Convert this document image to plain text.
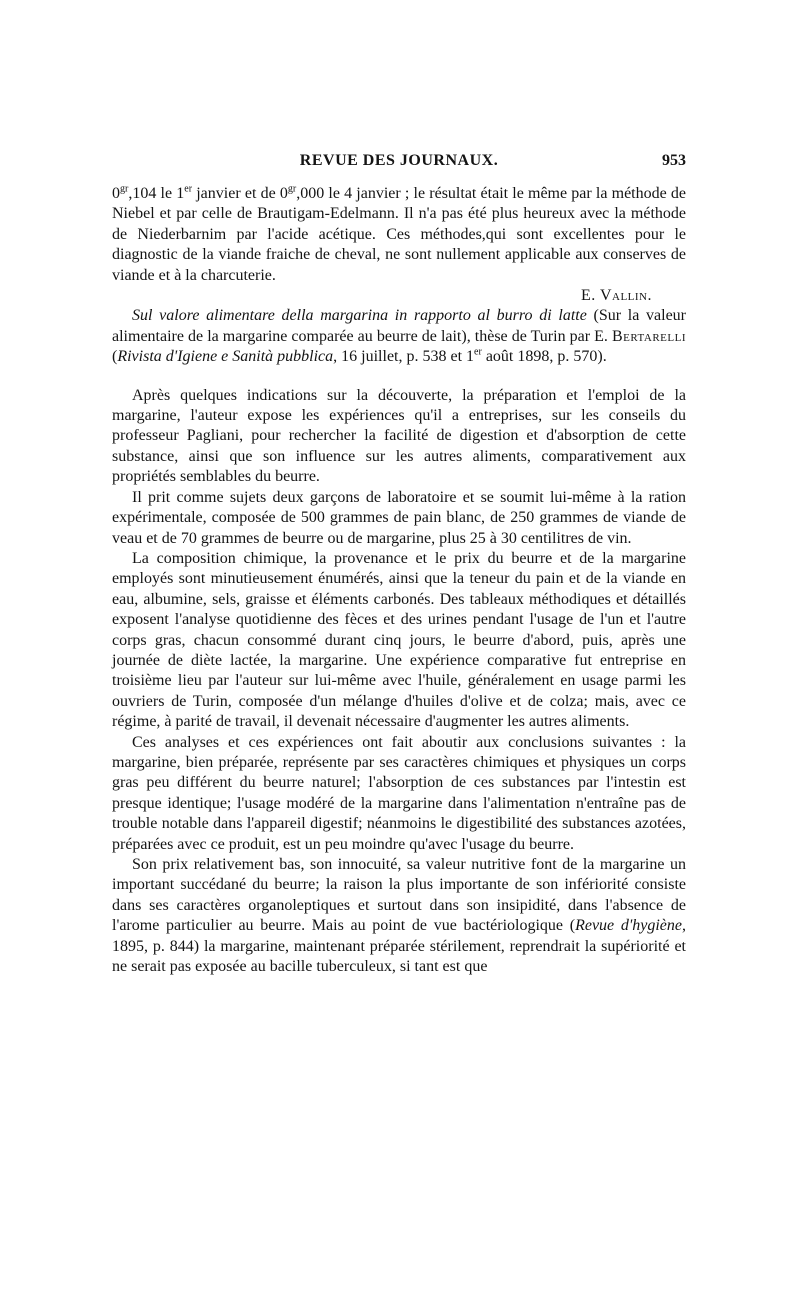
REVUE DES JOURNAUX.	953

$0^{gr},104$ le 1er janvier et de $0^{gr},000$ le 4 janvier ; le résultat était le même par la méthode de Niebel et par celle de Brautigam-Edelmann. Il n'a pas été plus heureux avec la méthode de Niederbarnim par l'acide acétique. Ces méthodes,qui sont excellentes pour le diagnostic de la viande fraiche de cheval, ne sont nullement applicable aux conserves de viande et à la charcuterie.

E. Vallin.

Sul valore alimentare della margarina in rapporto al burro di latte (Sur la valeur alimentaire de la margarine comparée au beurre de lait), thèse de Turin par E. Bertarelli (Rivista d'Igiene e Sanità pubblica, 16 juillet, p. 538 et 1er août 1898, p. 570).

Après quelques indications sur la découverte, la préparation et l'emploi de la margarine, l'auteur expose les expériences qu'il a entreprises, sur les conseils du professeur Pagliani, pour rechercher la facilité de digestion et d'absorption de cette substance, ainsi que son influence sur les autres aliments, comparativement aux propriétés semblables du beurre.

Il prit comme sujets deux garçons de laboratoire et se soumit lui-même à la ration expérimentale, composée de 500 grammes de pain blanc, de 250 grammes de viande de veau et de 70 grammes de beurre ou de margarine, plus 25 à 30 centilitres de vin.

La composition chimique, la provenance et le prix du beurre et de la margarine employés sont minutieusement énumérés, ainsi que la teneur du pain et de la viande en eau, albumine, sels, graisse et éléments carbonés. Des tableaux méthodiques et détaillés exposent l'analyse quotidienne des fèces et des urines pendant l'usage de l'un et l'autre corps gras, chacun consommé durant cinq jours, le beurre d'abord, puis, après une journée de diète lactée, la margarine. Une expérience comparative fut entreprise en troisième lieu par l'auteur sur lui-même avec l'huile, généralement en usage parmi les ouvriers de Turin, composée d'un mélange d'huiles d'olive et de colza; mais, avec ce régime, à parité de travail, il devenait nécessaire d'augmenter les autres aliments.

Ces analyses et ces expériences ont fait aboutir aux conclusions suivantes : la margarine, bien préparée, représente par ses caractères chimiques et physiques un corps gras peu différent du beurre naturel; l'absorption de ces substances par l'intestin est presque identique; l'usage modéré de la margarine dans l'alimentation n'entraîne pas de trouble notable dans l'appareil digestif; néanmoins le digestibilité des substances azotées, préparées avec ce produit, est un peu moindre qu'avec l'usage du beurre.

Son prix relativement bas, son innocuité, sa valeur nutritive font de la margarine un important succédané du beurre; la raison la plus importante de son infériorité consiste dans ses caractères organoleptiques et surtout dans son insipidité, dans l'absence de l'arome particulier au beurre. Mais au point de vue bactériologique (Revue d'hygiène, 1895, p. 844) la margarine, maintenant préparée stérilement, reprendrait la supériorité et ne serait pas exposée au bacille tuberculeux, si tant est que
